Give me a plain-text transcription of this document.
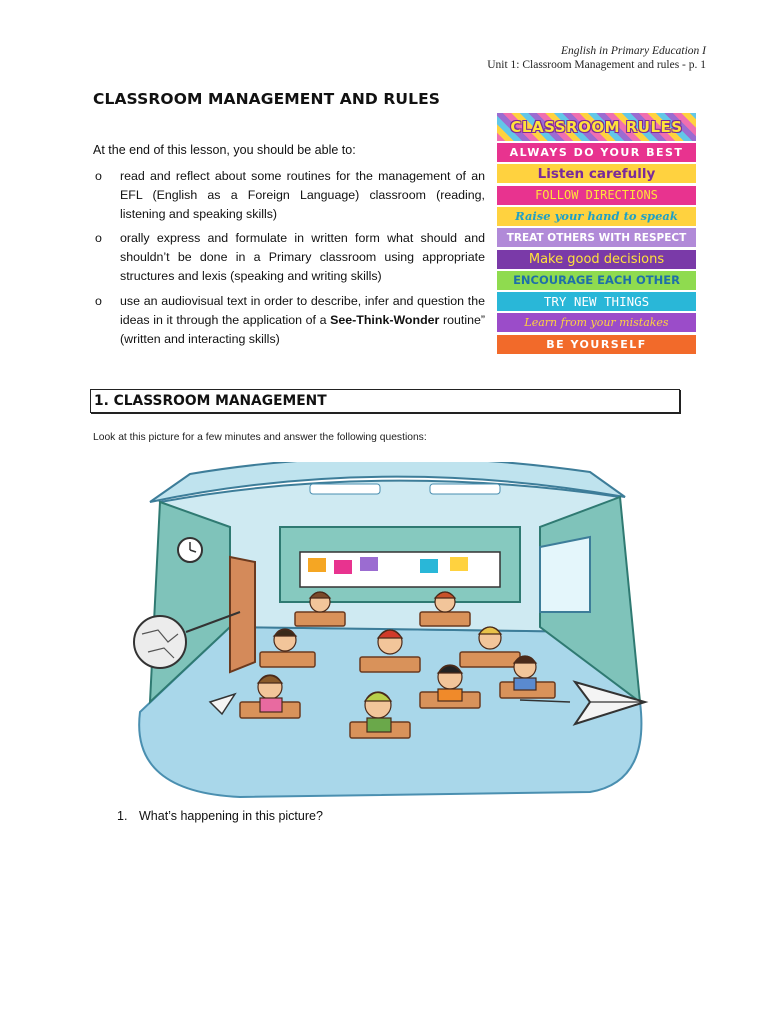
English in Primary Education I
Unit 1: Classroom Management and rules - p. 1
CLASSROOM MANAGEMENT AND RULES
At the end of this lesson, you should be able to:
o read and reflect about some routines for the management of an EFL (English as a Foreign Language) classroom (reading, listening and speaking skills)
o orally express and formulate in written form what should and shouldn’t be done in a Primary classroom using appropriate structures and lexis (speaking and writing skills)
o use an audiovisual text in order to describe, infer and question the ideas in it through the application of a See-Think-Wonder routine” (written and interacting skills)
CLASSROOM RULES
ALWAYS DO YOUR BEST
Listen carefully
FOLLOW DIRECTIONS
Raise your hand to speak
TREAT OTHERS WITH RESPECT
Make good decisions
ENCOURAGE EACH OTHER
TRY NEW THINGS
Learn from your mistakes
BE YOURSELF
1. CLASSROOM MANAGEMENT
Look at this picture for a few minutes and answer the following questions:
1. What’s happening in this picture?
